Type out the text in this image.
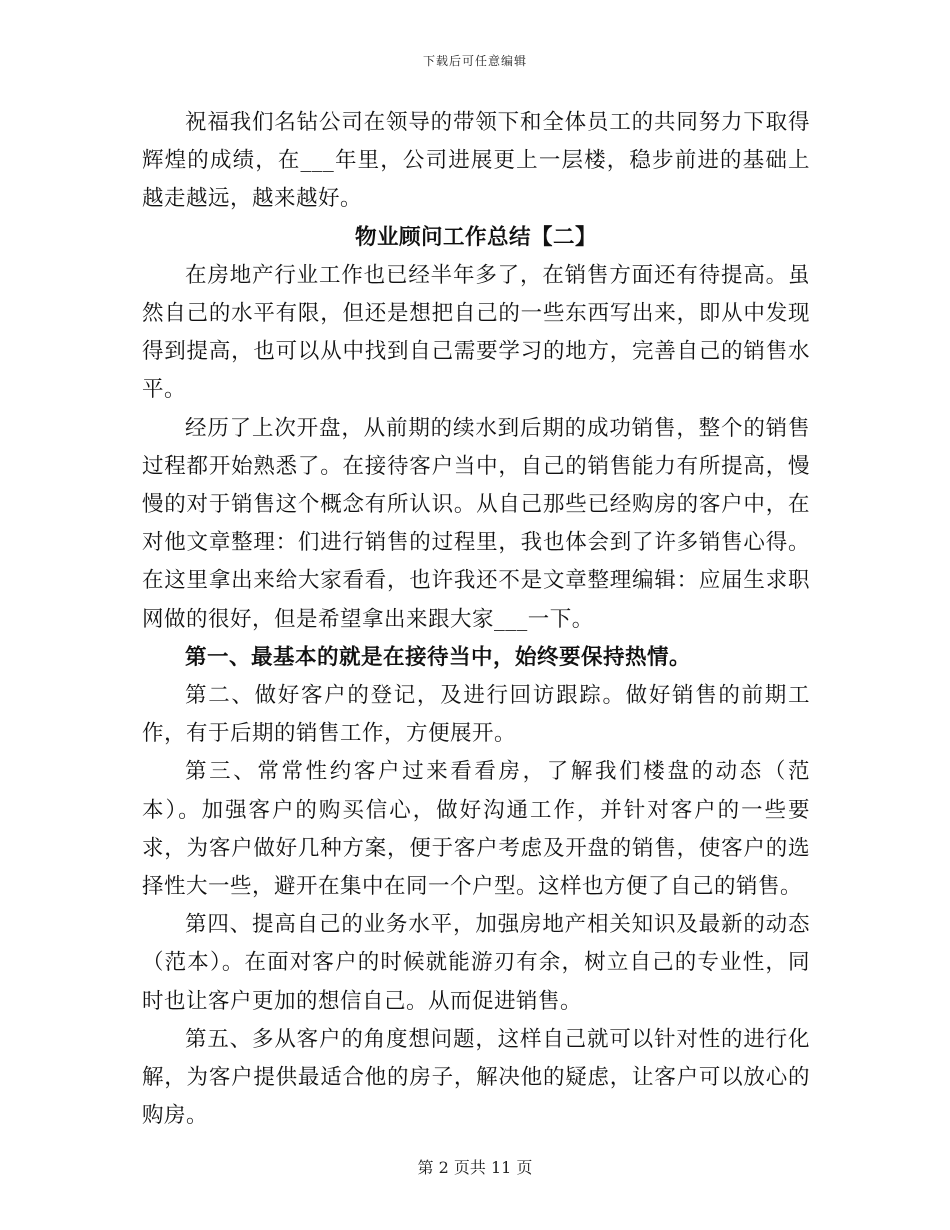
下载后可任意编辑

祝福我们名钻公司在领导的带领下和全体员工的共同努力下取得辉煌的成绩，在___年里，公司进展更上一层楼，稳步前进的基础上越走越远，越来越好。

物业顾问工作总结【二】

在房地产行业工作也已经半年多了，在销售方面还有待提高。虽然自己的水平有限，但还是想把自己的一些东西写出来，即从中发现得到提高，也可以从中找到自己需要学习的地方，完善自己的销售水平。

经历了上次开盘，从前期的续水到后期的成功销售，整个的销售过程都开始熟悉了。在接待客户当中，自己的销售能力有所提高，慢慢的对于销售这个概念有所认识。从自己那些已经购房的客户中，在对他文章整理：们进行销售的过程里，我也体会到了许多销售心得。在这里拿出来给大家看看，也许我还不是文章整理编辑：应届生求职网做的很好，但是希望拿出来跟大家___一下。

第一、最基本的就是在接待当中，始终要保持热情。

第二、做好客户的登记，及进行回访跟踪。做好销售的前期工作，有于后期的销售工作，方便展开。

第三、常常性约客户过来看看房，了解我们楼盘的动态（范本）。加强客户的购买信心，做好沟通工作，并针对客户的一些要求，为客户做好几种方案，便于客户考虑及开盘的销售，使客户的选择性大一些，避开在集中在同一个户型。这样也方便了自己的销售。

第四、提高自己的业务水平，加强房地产相关知识及最新的动态（范本）。在面对客户的时候就能游刃有余，树立自己的专业性，同时也让客户更加的想信自己。从而促进销售。

第五、多从客户的角度想问题，这样自己就可以针对性的进行化解，为客户提供最适合他的房子，解决他的疑虑，让客户可以放心的购房。

第 2 页共 11 页
